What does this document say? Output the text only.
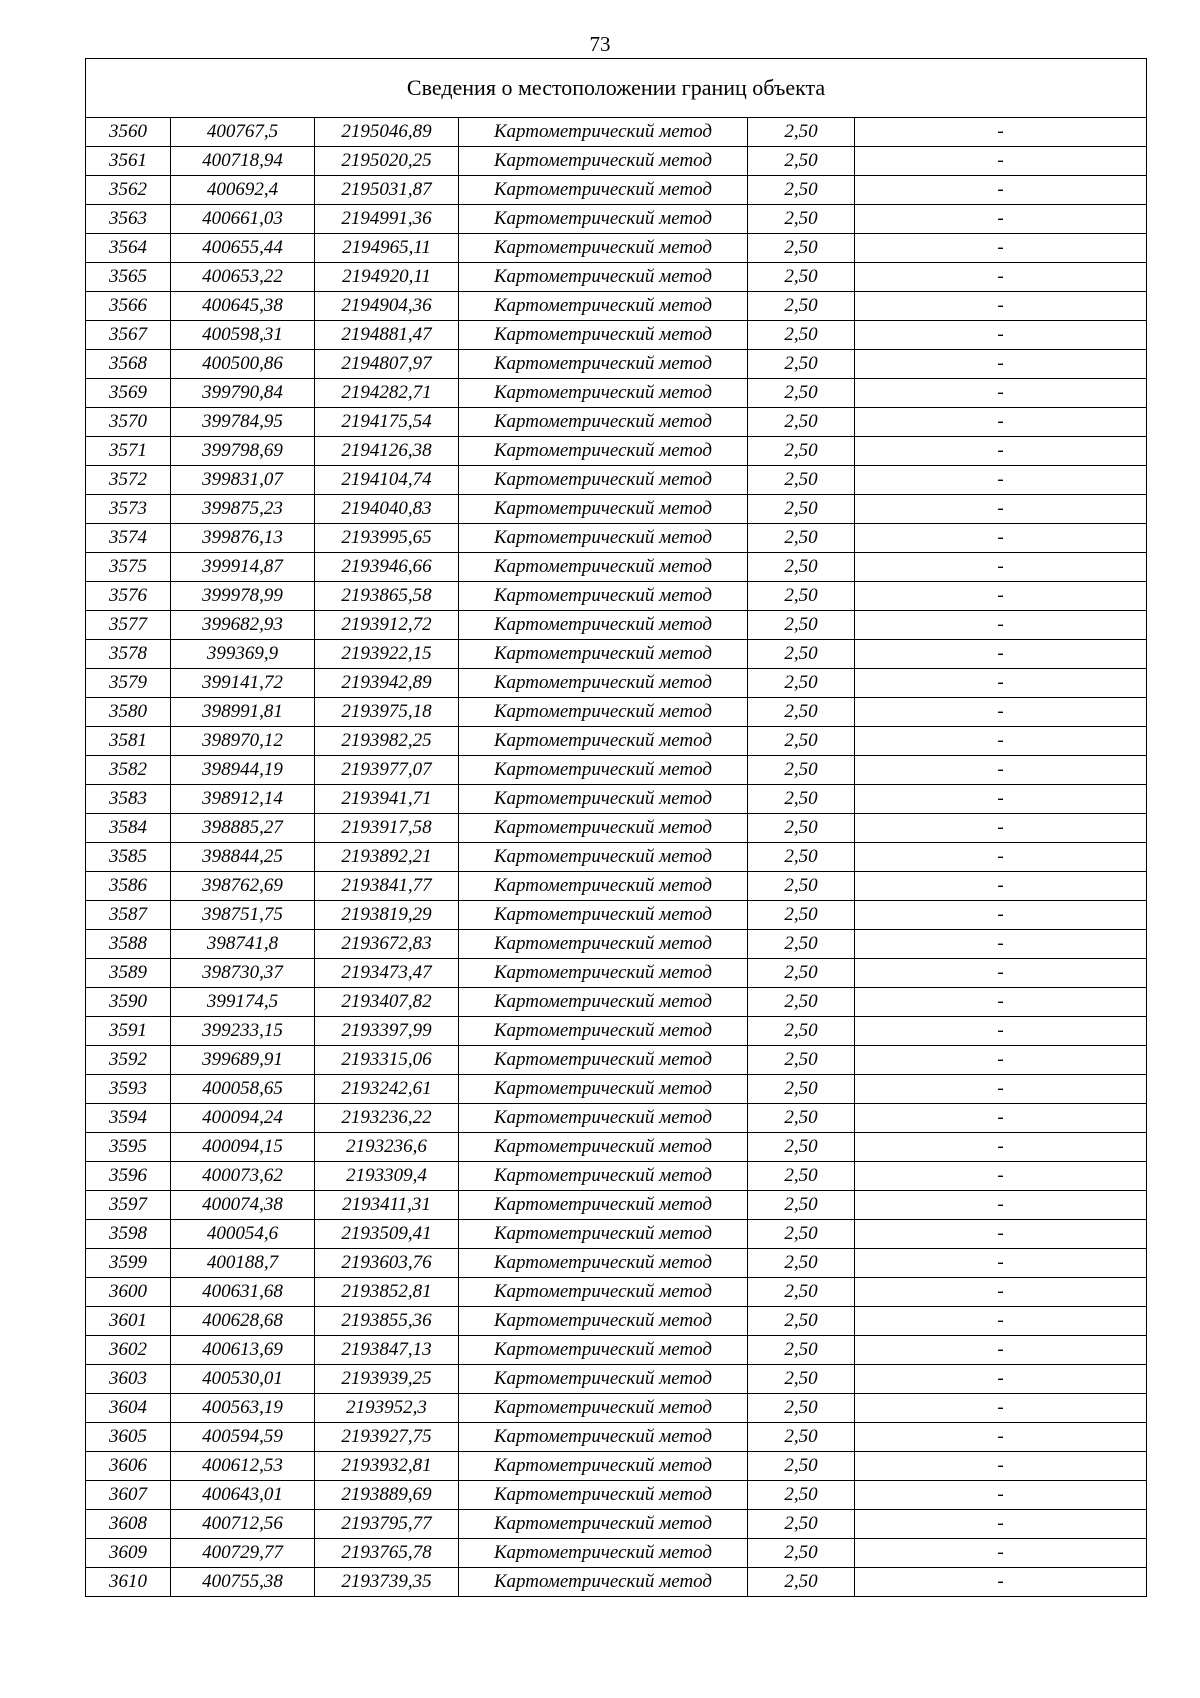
73
Сведения о местоположении границ объекта					
3560	400767,5	2195046,89	Картометрический метод	2,50	-
3561	400718,94	2195020,25	Картометрический метод	2,50	-
3562	400692,4	2195031,87	Картометрический метод	2,50	-
3563	400661,03	2194991,36	Картометрический метод	2,50	-
3564	400655,44	2194965,11	Картометрический метод	2,50	-
3565	400653,22	2194920,11	Картометрический метод	2,50	-
3566	400645,38	2194904,36	Картометрический метод	2,50	-
3567	400598,31	2194881,47	Картометрический метод	2,50	-
3568	400500,86	2194807,97	Картометрический метод	2,50	-
3569	399790,84	2194282,71	Картометрический метод	2,50	-
3570	399784,95	2194175,54	Картометрический метод	2,50	-
3571	399798,69	2194126,38	Картометрический метод	2,50	-
3572	399831,07	2194104,74	Картометрический метод	2,50	-
3573	399875,23	2194040,83	Картометрический метод	2,50	-
3574	399876,13	2193995,65	Картометрический метод	2,50	-
3575	399914,87	2193946,66	Картометрический метод	2,50	-
3576	399978,99	2193865,58	Картометрический метод	2,50	-
3577	399682,93	2193912,72	Картометрический метод	2,50	-
3578	399369,9	2193922,15	Картометрический метод	2,50	-
3579	399141,72	2193942,89	Картометрический метод	2,50	-
3580	398991,81	2193975,18	Картометрический метод	2,50	-
3581	398970,12	2193982,25	Картометрический метод	2,50	-
3582	398944,19	2193977,07	Картометрический метод	2,50	-
3583	398912,14	2193941,71	Картометрический метод	2,50	-
3584	398885,27	2193917,58	Картометрический метод	2,50	-
3585	398844,25	2193892,21	Картометрический метод	2,50	-
3586	398762,69	2193841,77	Картометрический метод	2,50	-
3587	398751,75	2193819,29	Картометрический метод	2,50	-
3588	398741,8	2193672,83	Картометрический метод	2,50	-
3589	398730,37	2193473,47	Картометрический метод	2,50	-
3590	399174,5	2193407,82	Картометрический метод	2,50	-
3591	399233,15	2193397,99	Картометрический метод	2,50	-
3592	399689,91	2193315,06	Картометрический метод	2,50	-
3593	400058,65	2193242,61	Картометрический метод	2,50	-
3594	400094,24	2193236,22	Картометрический метод	2,50	-
3595	400094,15	2193236,6	Картометрический метод	2,50	-
3596	400073,62	2193309,4	Картометрический метод	2,50	-
3597	400074,38	2193411,31	Картометрический метод	2,50	-
3598	400054,6	2193509,41	Картометрический метод	2,50	-
3599	400188,7	2193603,76	Картометрический метод	2,50	-
3600	400631,68	2193852,81	Картометрический метод	2,50	-
3601	400628,68	2193855,36	Картометрический метод	2,50	-
3602	400613,69	2193847,13	Картометрический метод	2,50	-
3603	400530,01	2193939,25	Картометрический метод	2,50	-
3604	400563,19	2193952,3	Картометрический метод	2,50	-
3605	400594,59	2193927,75	Картометрический метод	2,50	-
3606	400612,53	2193932,81	Картометрический метод	2,50	-
3607	400643,01	2193889,69	Картометрический метод	2,50	-
3608	400712,56	2193795,77	Картометрический метод	2,50	-
3609	400729,77	2193765,78	Картометрический метод	2,50	-
3610	400755,38	2193739,35	Картометрический метод	2,50	-
